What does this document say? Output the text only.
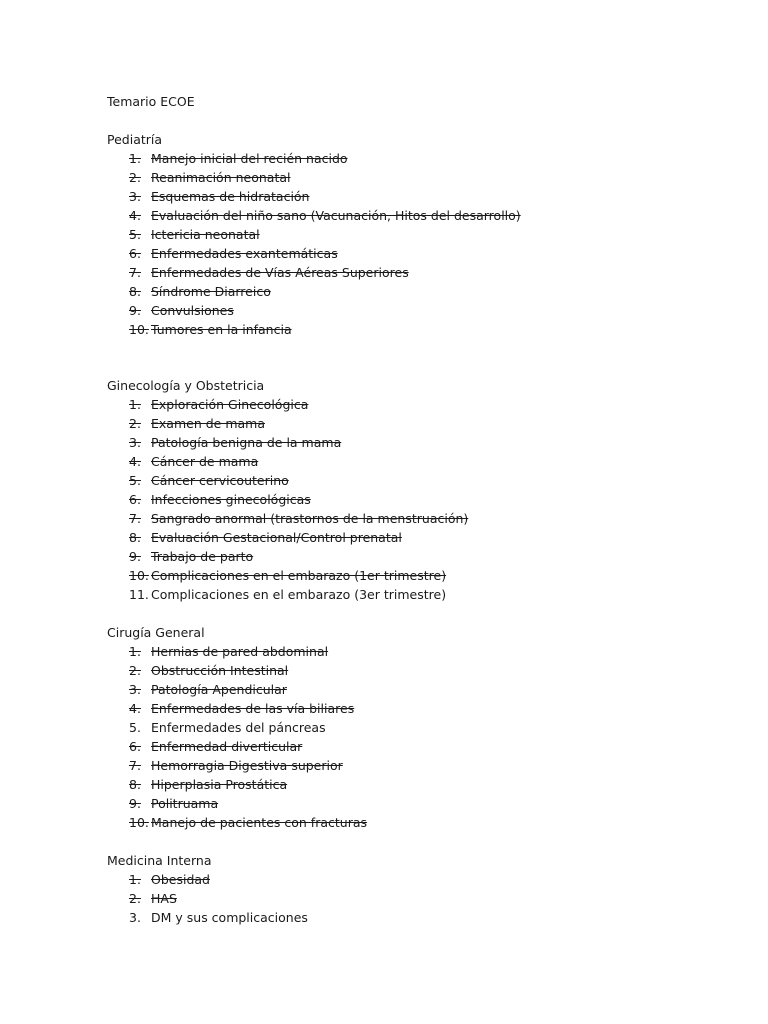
Temario ECOE
Pediatría
1. Manejo inicial del recién nacido
2. Reanimación neonatal
3. Esquemas de hidratación
4. Evaluación del niño sano (Vacunación, Hitos del desarrollo)
5. Ictericia neonatal
6. Enfermedades exantemáticas
7. Enfermedades de Vías Aéreas Superiores
8. Síndrome Diarreico
9. Convulsiones
10. Tumores en la infancia
Ginecología y Obstetricia
1. Exploración Ginecológica
2. Examen de mama
3. Patología benigna de la mama
4. Cáncer de mama
5. Cáncer cervicouterino
6. Infecciones ginecológicas
7. Sangrado anormal (trastornos de la menstruación)
8. Evaluación Gestacional/Control prenatal
9. Trabajo de parto
10. Complicaciones en el embarazo (1er trimestre)
11. Complicaciones en el embarazo (3er trimestre)
Cirugía General
1. Hernias de pared abdominal
2. Obstrucción Intestinal
3. Patología Apendicular
4. Enfermedades de las vía biliares
5. Enfermedades del páncreas
6. Enfermedad diverticular
7. Hemorragia Digestiva superior
8. Hiperplasia Prostática
9. Politruama
10. Manejo de pacientes con fracturas
Medicina Interna
1. Obesidad
2. HAS
3. DM y sus complicaciones
